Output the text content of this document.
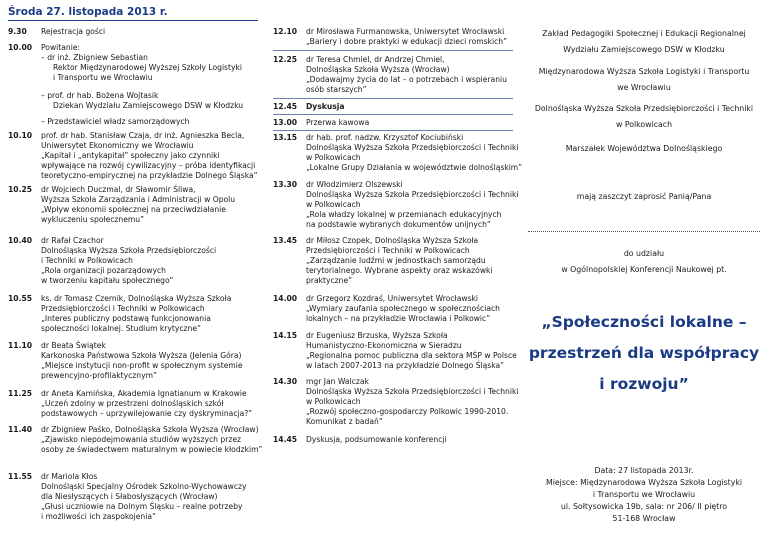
Środa 27. listopada 2013 r.
9.30 Rejestracja gości
10.00 Powitanie:
– dr inż. Zbigniew Sebastian
Rektor Międzynarodowej Wyższej Szkoły Logistyki
i Transportu we Wrocławiu
– prof. dr hab. Bożena Wojtasik
Dziekan Wydziału Zamiejscowego DSW w Kłodzku
– Przedstawiciel władz samorządowych
10.10 prof. dr hab. Stanisław Czaja, dr inż. Agnieszka Becla,
Uniwersytet Ekonomiczny we Wrocławiu
„Kapitał i „antykapitał” społeczny jako czynniki
wpływające na rozwój cywilizacyjny – próba identyfikacji
teoretyczno-empirycznej na przykładzie Dolnego Śląska”
10.25 dr Wojciech Duczmal, dr Sławomir Śliwa,
Wyższa Szkoła Zarządzania i Administracji w Opolu
„Wpływ ekonomii społecznej na przeciwdziałanie
wykluczeniu społecznemu”
10.40 dr Rafał Czachor
Dolnośląska Wyższa Szkoła Przedsiębiorczości
i Techniki w Polkowicach
„Rola organizacji pozarządowych
w tworzeniu kapitału społecznego”
10.55 ks. dr Tomasz Czernik, Dolnośląska Wyższa Szkoła
Przedsiębiorczości i Techniki w Polkowicach
„Interes publiczny podstawą funkcjonowania
społeczności lokalnej. Studium krytyczne”
11.10 dr Beata Świątek
Karkonoska Państwowa Szkoła Wyższa (Jelenia Góra)
„Miejsce instytucji non-profit w społecznym systemie
prewencyjno-profilaktycznym”
11.25 dr Aneta Kamińska, Akademia Ignatianum w Krakowie
„Uczeń zdolny w przestrzeni dolnośląskich szkół
podstawowych – uprzywilejowanie czy dyskryminacja?”
11.40 dr Zbigniew Paśko, Dolnośląska Szkoła Wyższa (Wrocław)
„Zjawisko niepodejmowania studiów wyższych przez
osoby ze świadectwem maturalnym w powiecie kłodzkim”
11.55 dr Mariola Kłos
Dolnośląski Specjalny Ośrodek Szkolno-Wychowawczy
dla Niesłyszących i Słabosłyszących (Wrocław)
„Głusi uczniowie na Dolnym Śląsku – realne potrzeby
i możliwości ich zaspokojenia”
12.10 dr Mirosława Furmanowska, Uniwersytet Wrocławski
„Bariery i dobre praktyki w edukacji dzieci romskich”
12.25 dr Teresa Chmiel, dr Andrzej Chmiel,
Dolnośląska Szkoła Wyższa (Wrocław)
„Dodawajmy życia do lat – o potrzebach i wspieraniu
osób starszych”
12.45 Dyskusja
13.00 Przerwa kawowa
13.15 dr hab. prof. nadzw. Krzysztof Kociubiński
Dolnośląska Wyższa Szkoła Przedsiębiorczości i Techniki
w Polkowicach
„Lokalne Grupy Działania w województwie dolnośląskim”
13.30 dr Włodzimierz Olszewski
Dolnośląska Wyższa Szkoła Przedsiębiorczości i Techniki
w Polkowicach
„Rola władzy lokalnej w przemianach edukacyjnych
na podstawie wybranych dokumentów unijnych”
13.45 dr Miłosz Czopek, Dolnośląska Wyższa Szkoła
Przedsiębiorczości i Techniki w Polkowicach
„Zarządzanie ludźmi w jednostkach samorządu
terytorialnego. Wybrane aspekty oraz wskazówki
praktyczne”
14.00 dr Grzegorz Kozdraś, Uniwersytet Wrocławski
„Wymiary zaufania społecznego w społecznościach
lokalnych – na przykładzie Wrocławia i Polkowic”
14.15 dr Eugeniusz Brzuska, Wyższa Szkoła
Humanistyczno-Ekonomiczna w Sieradzu
„Regionalna pomoc publiczna dla sektora MŚP w Polsce
w latach 2007-2013 na przykładzie Dolnego Śląska”
14.30 mgr Jan Walczak
Dolnośląska Wyższa Szkoła Przedsiębiorczości i Techniki
w Polkowicach
„Rozwój społeczno-gospodarczy Polkowic 1990-2010.
Komunikat z badań”
14.45 Dyskusja, podsumowanie konferencji
Zakład Pedagogiki Społecznej i Edukacji Regionalnej
Wydziału Zamiejscowego DSW w Kłodzku
Międzynarodowa Wyższa Szkoła Logistyki i Transportu
we Wrocławiu
Dolnośląska Wyższa Szkoła Przedsiębiorczości i Techniki
w Polkowicach
Marszałek Województwa Dolnośląskiego
mają zaszczyt zaprosić Panią/Pana
do udziału
w Ogólnopolskiej Konferencji Naukowej pt.
„Społeczności lokalne –
przestrzeń dla współpracy
i rozwoju”
Data: 27 listopada 2013r.
Miejsce: Międzynarodowa Wyższa Szkoła Logistyki
i Transportu we Wrocławiu
ul. Sołtysowicka 19b, sala: nr 206/ II piętro
51-168 Wrocław
